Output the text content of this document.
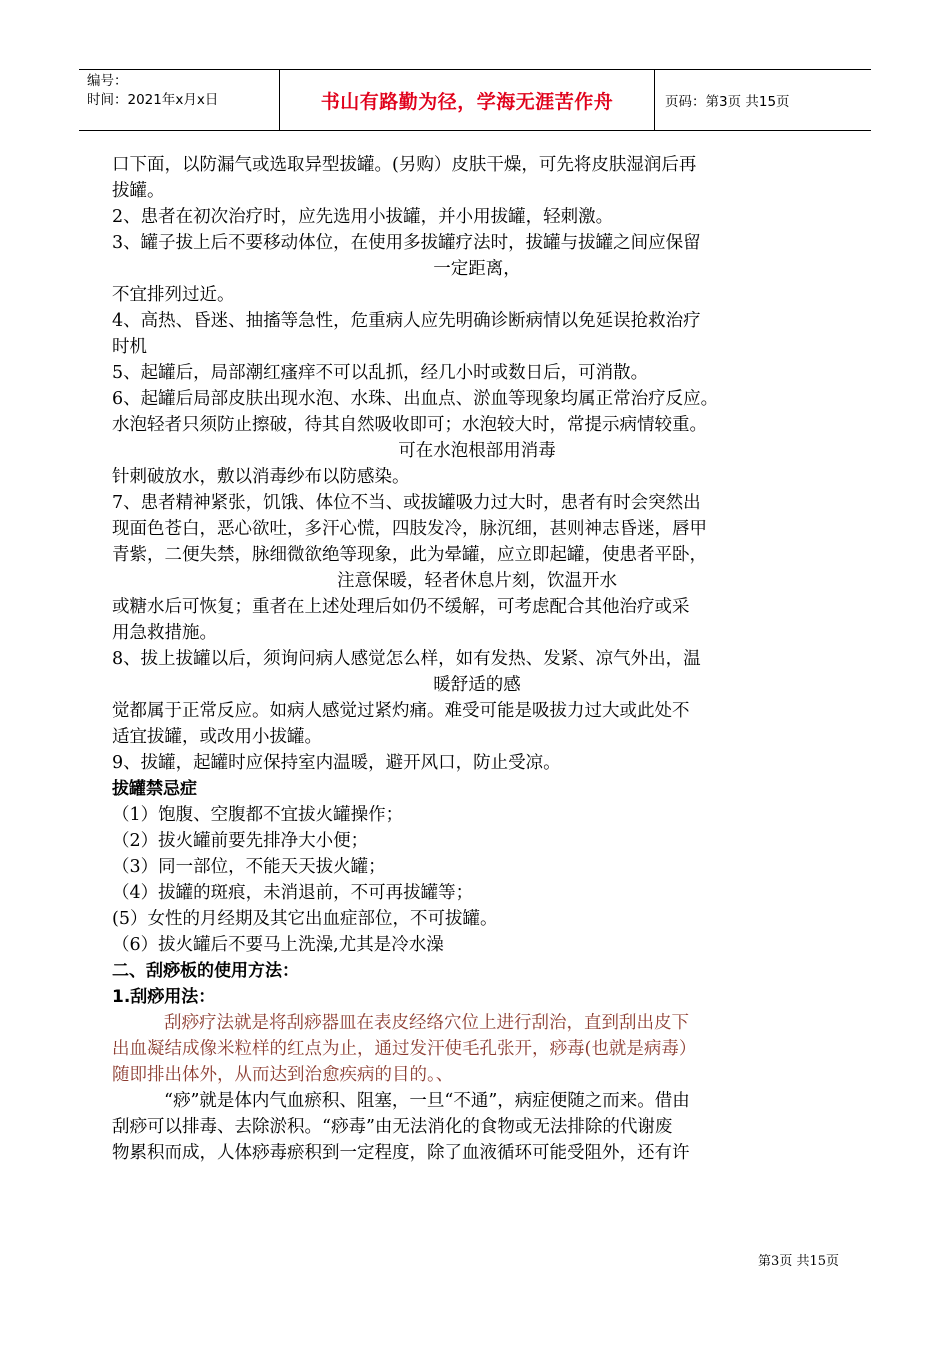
编号：
时间：2021年x月x日	书山有路勤为径，学海无涯苦作舟	页码：第3页 共15页
口下面，以防漏气或选取异型拔罐。(另购）皮肤干燥，可先将皮肤湿润后再
拔罐。
2、患者在初次治疗时，应先选用小拔罐，并小用拔罐，轻刺激。
3、罐子拔上后不要移动体位，在使用多拔罐疗法时，拔罐与拔罐之间应保留
一定距离，
不宜排列过近。
4、高热、昏迷、抽搐等急性，危重病人应先明确诊断病情以免延误抢救治疗
时机
5、起罐后，局部潮红瘙痒不可以乱抓，经几小时或数日后，可消散。
6、起罐后局部皮肤出现水泡、水珠、出血点、淤血等现象均属正常治疗反应。
水泡轻者只须防止擦破，待其自然吸收即可；水泡较大时，常提示病情较重。
可在水泡根部用消毒
针刺破放水，敷以消毒纱布以防感染。
7、患者精神紧张，饥饿、体位不当、或拔罐吸力过大时，患者有时会突然出
现面色苍白，恶心欲吐，多汗心慌，四肢发冷，脉沉细，甚则神志昏迷，唇甲
青紫，二便失禁，脉细微欲绝等现象，此为晕罐，应立即起罐，使患者平卧，
注意保暖，轻者休息片刻，饮温开水
或糖水后可恢复；重者在上述处理后如仍不缓解，可考虑配合其他治疗或采
用急救措施。
8、拔上拔罐以后，须询问病人感觉怎么样，如有发热、发紧、凉气外出，温
暖舒适的感
觉都属于正常反应。如病人感觉过紧灼痛。难受可能是吸拔力过大或此处不
适宜拔罐，或改用小拔罐。
9、拔罐，起罐时应保持室内温暖，避开风口，防止受凉。
拔罐禁忌症
（1）饱腹、空腹都不宜拔火罐操作；
（2）拔火罐前要先排净大小便；
（3）同一部位，不能天天拔火罐；
（4）拔罐的斑痕，未消退前，不可再拔罐等；
(5）女性的月经期及其它出血症部位，不可拔罐。
（6）拔火罐后不要马上洗澡,尤其是冷水澡
二、刮痧板的使用方法：
1.刮痧用法：
刮痧疗法就是将刮痧器皿在表皮经络穴位上进行刮治，直到刮出皮下
出血凝结成像米粒样的红点为止，通过发汗使毛孔张开，痧毒(也就是病毒）
随即排出体外，从而达到治愈疾病的目的。、
“痧”就是体内气血瘀积、阻塞，一旦“不通”，病症便随之而来。借由
刮痧可以排毒、去除淤积。“痧毒”由无法消化的食物或无法排除的代谢废
物累积而成，人体痧毒瘀积到一定程度，除了血液循环可能受阻外，还有许
第3页 共15页
